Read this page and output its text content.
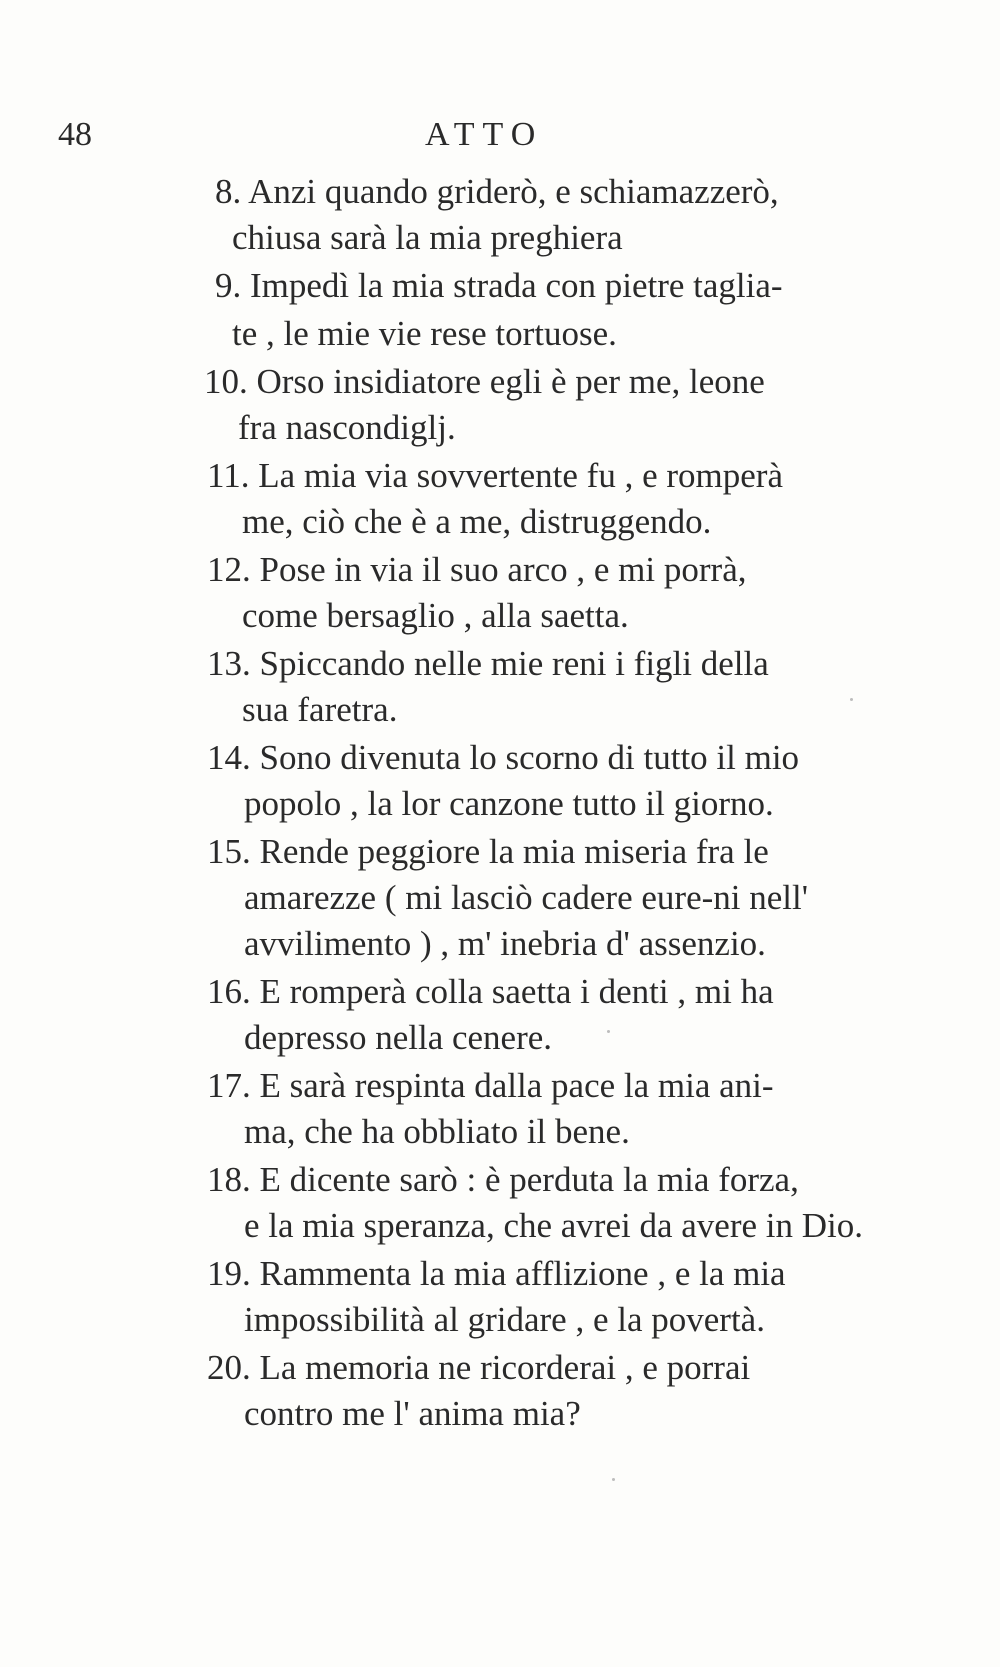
48	ATTO
8. Anzi quando griderò, e schiamazzerò,
chiusa sarà la mia preghiera
9. Impedì la mia strada con pietre taglia-
te , le mie vie rese tortuose.
10. Orso insidiatore egli è per me, leone
fra nascondiglj.
11. La mia via sovvertente fu , e romperà
me, ciò che è a me, distruggendo.
12. Pose in via il suo arco , e mi porrà,
come bersaglio , alla saetta.
13. Spiccando nelle mie reni i figli della
sua faretra.
14. Sono divenuta lo scorno di tutto il mio
popolo , la lor canzone tutto il giorno.
15. Rende peggiore la mia miseria fra le
amarezze ( mi lasciò cadere eure-ni nell'
avvilimento ) , m' inebria d' assenzio.
16. E romperà colla saetta i denti , mi ha
depresso nella cenere.
17. E sarà respinta dalla pace la mia ani-
ma, che ha obbliato il bene.
18. E dicente sarò : è perduta la mia forza,
e la mia speranza, che avrei da avere in Dio.
19. Rammenta la mia afflizione , e la mia
impossibilità al gridare , e la povertà.
20. La memoria ne ricorderai , e porrai
contro me l' anima mia?
